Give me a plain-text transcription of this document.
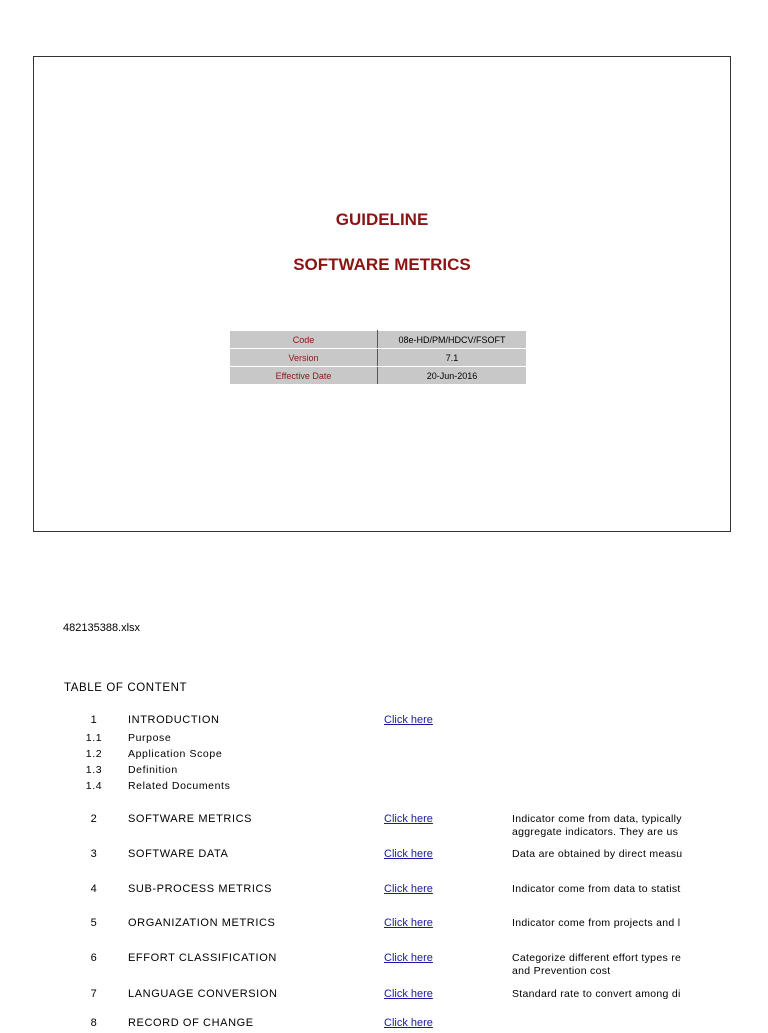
GUIDELINE
SOFTWARE METRICS
Code	08e-HD/PM/HDCV/FSOFT
Version	7.1
Effective Date	20-Jun-2016
482135388.xlsx
TABLE OF CONTENT
1	INTRODUCTION	Click here
1.1	Purpose
1.2	Application Scope
1.3	Definition
1.4	Related Documents
2	SOFTWARE METRICS	Click here	Indicator come from data, typically
aggregate indicators. They are us
3	SOFTWARE DATA	Click here	Data are obtained by direct measu
4	SUB-PROCESS METRICS	Click here	Indicator come from data to statist
5	ORGANIZATION METRICS	Click here	Indicator come from projects and l
6	EFFORT CLASSIFICATION	Click here	Categorize different effort types re
and Prevention cost
7	LANGUAGE CONVERSION	Click here	Standard rate to convert among di
8	RECORD OF CHANGE	Click here
